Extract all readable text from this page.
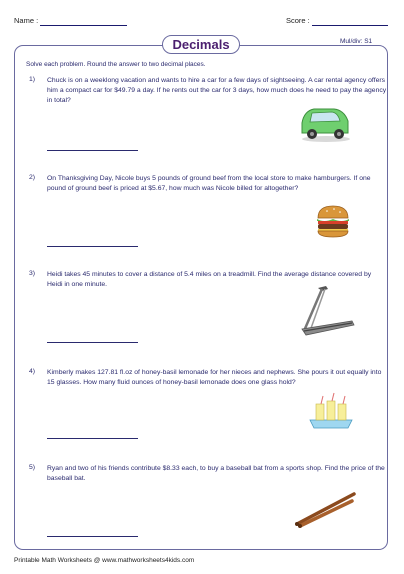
Name :	Score :
Decimals	Mul/div: S1
Solve each problem. Round the answer to two decimal places.
1) Chuck is on a weeklong vacation and wants to hire a car for a few days of sightseeing. A car rental agency offers him a compact car for $49.79 a day. If he rents out the car for 3 days, how much does he need to pay the agency in total?
2) On Thanksgiving Day, Nicole buys 5 pounds of ground beef from the local store to make hamburgers. If one pound of ground beef is priced at $5.67, how much was Nicole billed for altogether?
3) Heidi takes 45 minutes to cover a distance of 5.4 miles on a treadmill. Find the average distance covered by Heidi in one minute.
4) Kimberly makes 127.81 fl.oz of honey-basil lemonade for her nieces and nephews. She pours it out equally into 15 glasses. How many fluid ounces of honey-basil lemonade does one glass hold?
5) Ryan and two of his friends contribute $8.33 each, to buy a baseball bat from a sports shop. Find the price of the baseball bat.
Printable Math Worksheets @ www.mathworksheets4kids.com
